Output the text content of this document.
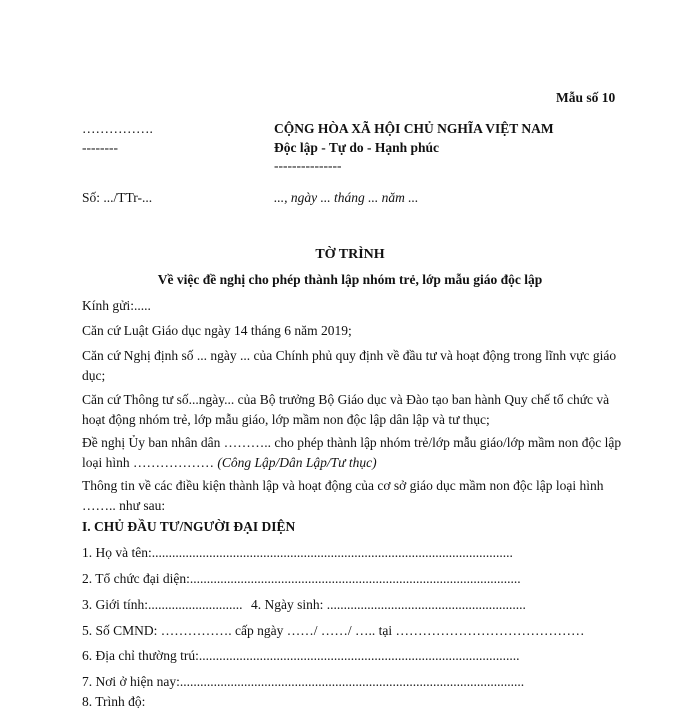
Mẫu số 10
…………….
--------
Số: .../TTr-...
CỘNG HÒA XÃ HỘI CHỦ NGHĨA VIỆT NAM
Độc lập - Tự do - Hạnh phúc
---------------
..., ngày ... tháng ... năm ...
TỜ TRÌNH
Về việc đề nghị cho phép thành lập nhóm trẻ, lớp mẫu giáo độc lập
Kính gửi:.....
Căn cứ Luật Giáo dục ngày 14 tháng 6 năm 2019;
Căn cứ Nghị định số ... ngày ... của Chính phủ quy định về đầu tư và hoạt động trong lĩnh vực giáo dục;
Căn cứ Thông tư số...ngày... của Bộ trưởng Bộ Giáo dục và Đào tạo ban hành Quy chế tổ chức và hoạt động nhóm trẻ, lớp mẫu giáo, lớp mầm non độc lập dân lập và tư thục;
Đề nghị Ủy ban nhân dân ……….. cho phép thành lập nhóm trẻ/lớp mẫu giáo/lớp mầm non độc lập loại hình ……………… (Công Lập/Dân Lập/Tư thục)
Thông tin về các điều kiện thành lập và hoạt động của cơ sở giáo dục mầm non độc lập loại hình …….. như sau:
I. CHỦ ĐẦU TƯ/NGƯỜI ĐẠI DIỆN
1. Họ và tên:...........................................................................................................
2. Tổ chức đại diện:..................................................................................................
3. Giới tính:............................ 4. Ngày sinh: ...........................................................
5. Số CMND: ……………. cấp ngày ……/ ……/ ….. tại ……………………………………
6. Địa chỉ thường trú:...............................................................................................
7. Nơi ở hiện nay:......................................................................................................
8. Trình độ:
